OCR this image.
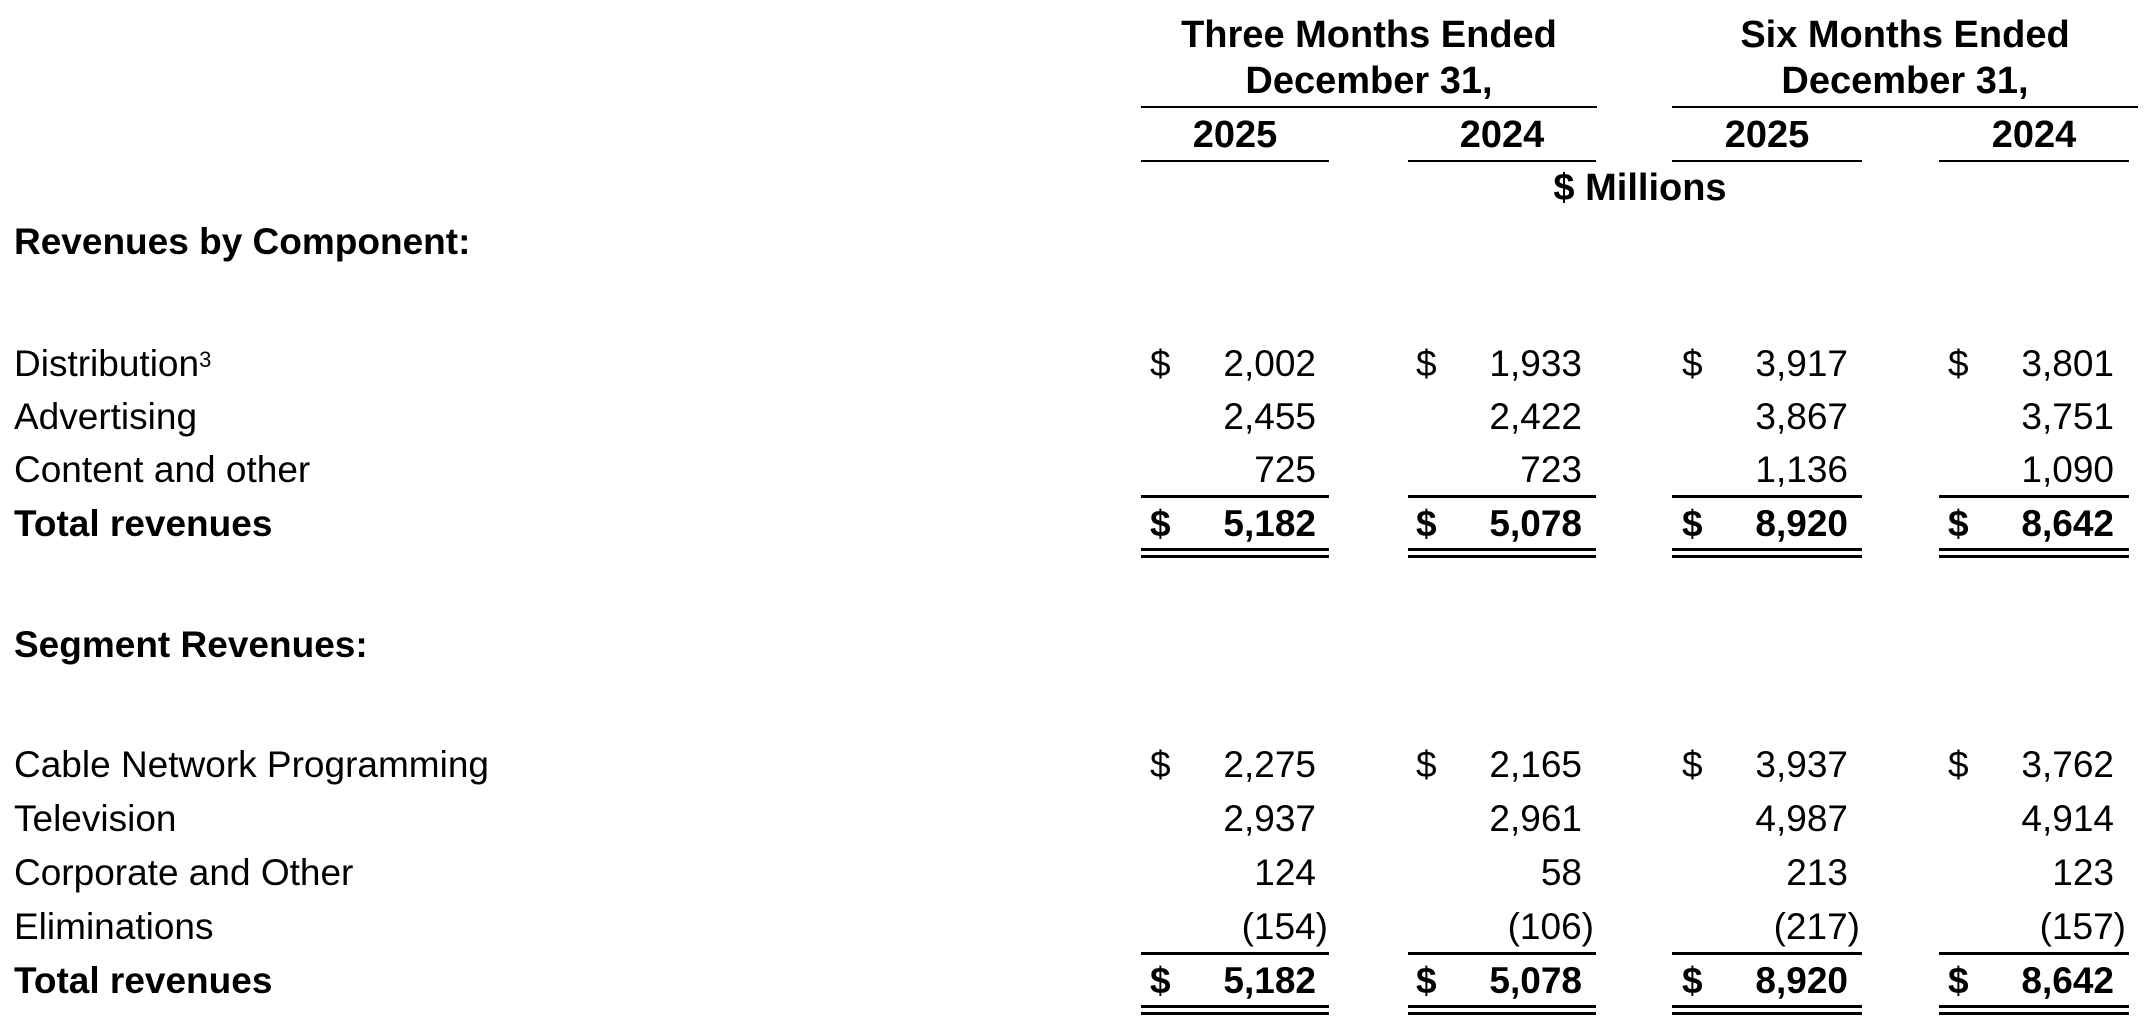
Three Months Ended
December 31,
Six Months Ended
December 31,
2025	2024	2025	2024
$ Millions
Revenues by Component:
Distribution$^3$	$ 2,002	$ 1,933	$ 3,917	$ 3,801
Advertising	2,455	2,422	3,867	3,751
Content and other	725	723	1,136	1,090
Total revenues	$ 5,182	$ 5,078	$ 8,920	$ 8,642
Segment Revenues:
Cable Network Programming	$ 2,275	$ 2,165	$ 3,937	$ 3,762
Television	2,937	2,961	4,987	4,914
Corporate and Other	124	58	213	123
Eliminations	(154)	(106)	(217)	(157)
Total revenues	$ 5,182	$ 5,078	$ 8,920	$ 8,642
